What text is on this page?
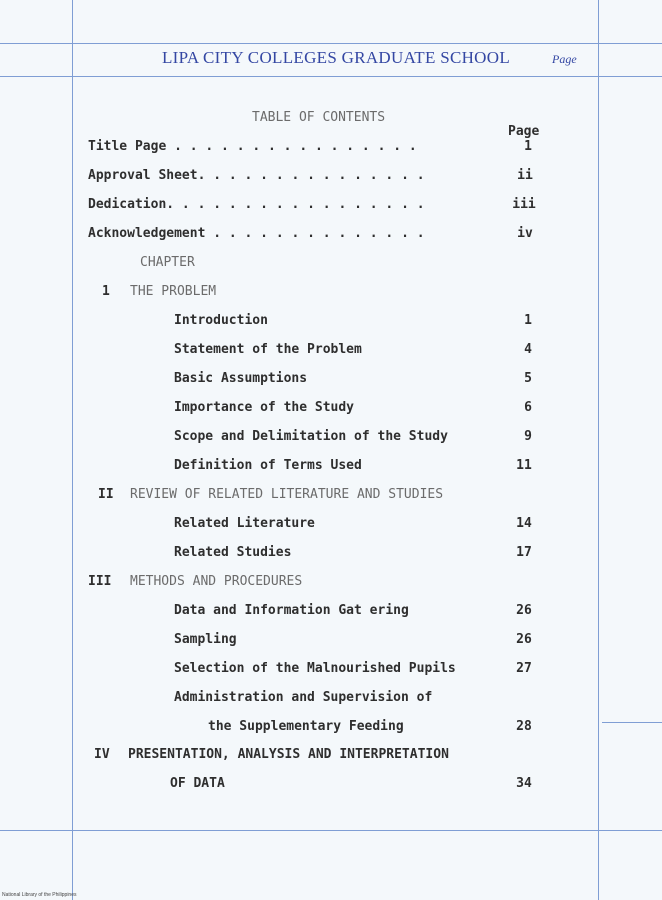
LIPA CITY COLLEGES GRADUATE SCHOOL	Page
TABLE OF CONTENTS
Page
Title Page . . . . . . . . . . . . . . . .	1
Approval Sheet. . . . . . . . . . . . . . .	ii
Dedication. . . . . . . . . . . . . . . . .	iii
Acknowledgement . . . . . . . . . . . . . .	iv
CHAPTER
1 THE PROBLEM
Introduction	1
Statement of the Problem	4
Basic Assumptions	5
Importance of the Study	6
Scope and Delimitation of the Study	9
Definition of Terms Used	11
II REVIEW OF RELATED LITERATURE AND STUDIES
Related Literature	14
Related Studies	17
III METHODS AND PROCEDURES
Data and Information Gat ering	26
Sampling	26
Selection of the Malnourished Pupils	27
Administration and Supervision of
the Supplementary Feeding	28
IV PRESENTATION, ANALYSIS AND INTERPRETATION
OF DATA	34
National Library of the Philippines
